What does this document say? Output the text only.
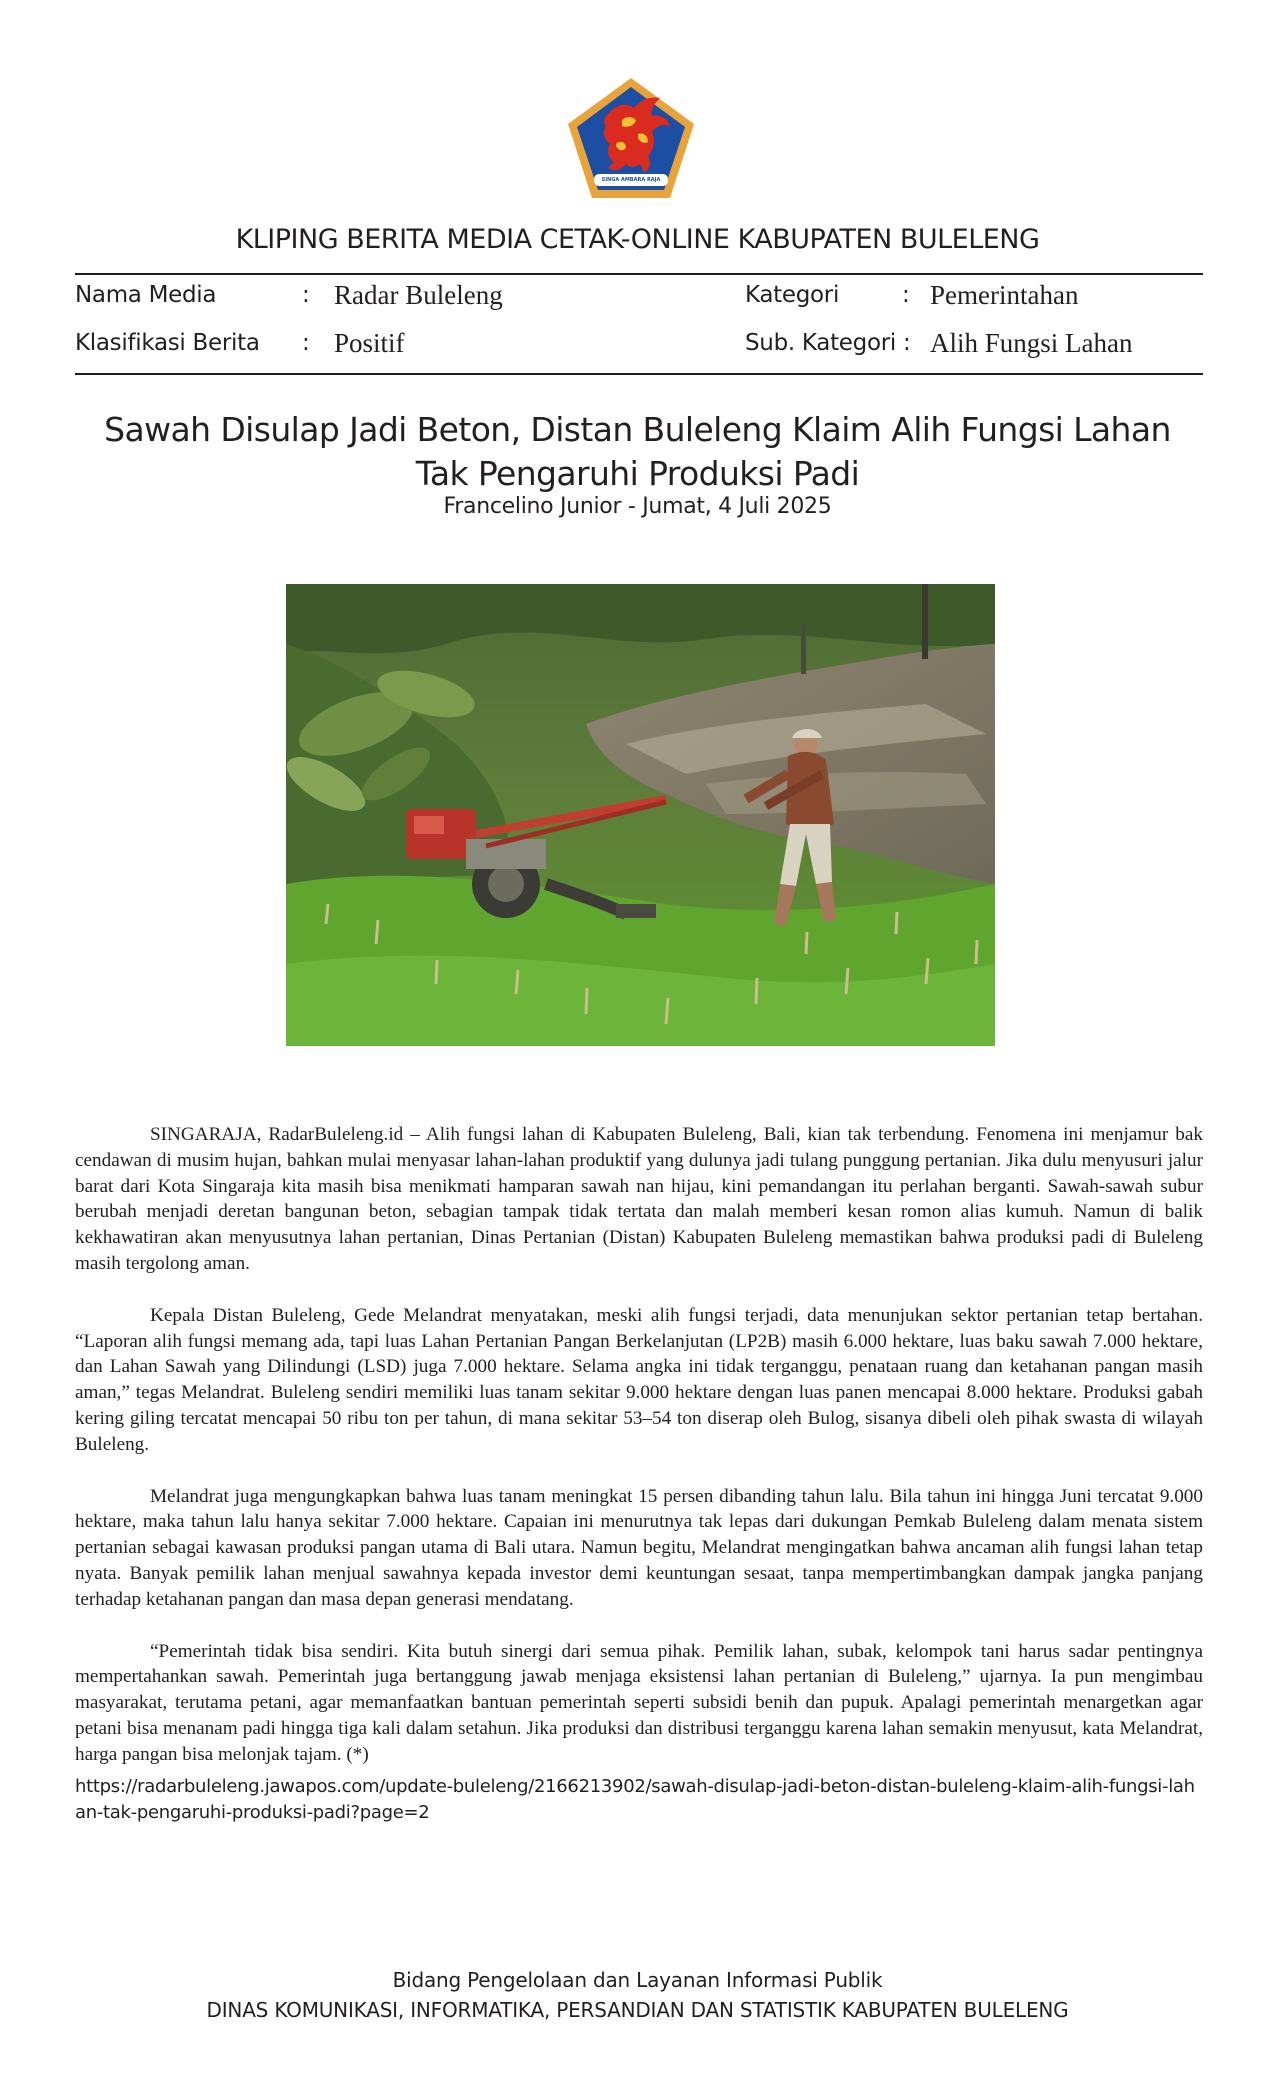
SINGA AMBARA RAJA
KLIPING BERITA MEDIA CETAK-ONLINE KABUPATEN BULELENG
Nama Media	: Radar Buleleng	Kategori	: Pemerintahan
Klasifikasi Berita : Positif	Sub. Kategori : Alih Fungsi Lahan
Sawah Disulap Jadi Beton, Distan Buleleng Klaim Alih Fungsi Lahan Tak Pengaruhi Produksi Padi
Francelino Junior - Jumat, 4 Juli 2025

SINGARAJA, RadarBuleleng.id – Alih fungsi lahan di Kabupaten Buleleng, Bali, kian tak terbendung. Fenomena ini menjamur bak cendawan di musim hujan, bahkan mulai menyasar lahan-lahan produktif yang dulunya jadi tulang punggung pertanian. Jika dulu menyusuri jalur barat dari Kota Singaraja kita masih bisa menikmati hamparan sawah nan hijau, kini pemandangan itu perlahan berganti. Sawah-sawah subur berubah menjadi deretan bangunan beton, sebagian tampak tidak tertata dan malah memberi kesan romon alias kumuh. Namun di balik kekhawatiran akan menyusutnya lahan pertanian, Dinas Pertanian (Distan) Kabupaten Buleleng memastikan bahwa produksi padi di Buleleng masih tergolong aman.

Kepala Distan Buleleng, Gede Melandrat menyatakan, meski alih fungsi terjadi, data menunjukan sektor pertanian tetap bertahan. “Laporan alih fungsi memang ada, tapi luas Lahan Pertanian Pangan Berkelanjutan (LP2B) masih 6.000 hektare, luas baku sawah 7.000 hektare, dan Lahan Sawah yang Dilindungi (LSD) juga 7.000 hektare. Selama angka ini tidak terganggu, penataan ruang dan ketahanan pangan masih aman,” tegas Melandrat. Buleleng sendiri memiliki luas tanam sekitar 9.000 hektare dengan luas panen mencapai 8.000 hektare. Produksi gabah kering giling tercatat mencapai 50 ribu ton per tahun, di mana sekitar 53–54 ton diserap oleh Bulog, sisanya dibeli oleh pihak swasta di wilayah Buleleng.

Melandrat juga mengungkapkan bahwa luas tanam meningkat 15 persen dibanding tahun lalu. Bila tahun ini hingga Juni tercatat 9.000 hektare, maka tahun lalu hanya sekitar 7.000 hektare. Capaian ini menurutnya tak lepas dari dukungan Pemkab Buleleng dalam menata sistem pertanian sebagai kawasan produksi pangan utama di Bali utara. Namun begitu, Melandrat mengingatkan bahwa ancaman alih fungsi lahan tetap nyata. Banyak pemilik lahan menjual sawahnya kepada investor demi keuntungan sesaat, tanpa mempertimbangkan dampak jangka panjang terhadap ketahanan pangan dan masa depan generasi mendatang.

“Pemerintah tidak bisa sendiri. Kita butuh sinergi dari semua pihak. Pemilik lahan, subak, kelompok tani harus sadar pentingnya mempertahankan sawah. Pemerintah juga bertanggung jawab menjaga eksistensi lahan pertanian di Buleleng,” ujarnya. Ia pun mengimbau masyarakat, terutama petani, agar memanfaatkan bantuan pemerintah seperti subsidi benih dan pupuk. Apalagi pemerintah menargetkan agar petani bisa menanam padi hingga tiga kali dalam setahun. Jika produksi dan distribusi terganggu karena lahan semakin menyusut, kata Melandrat, harga pangan bisa melonjak tajam. (*)

https://radarbuleleng.jawapos.com/update-buleleng/2166213902/sawah-disulap-jadi-beton-distan-buleleng-klaim-alih-fungsi-lahan-tak-pengaruhi-produksi-padi?page=2
Bidang Pengelolaan dan Layanan Informasi Publik
DINAS KOMUNIKASI, INFORMATIKA, PERSANDIAN DAN STATISTIK KABUPATEN BULELENG
